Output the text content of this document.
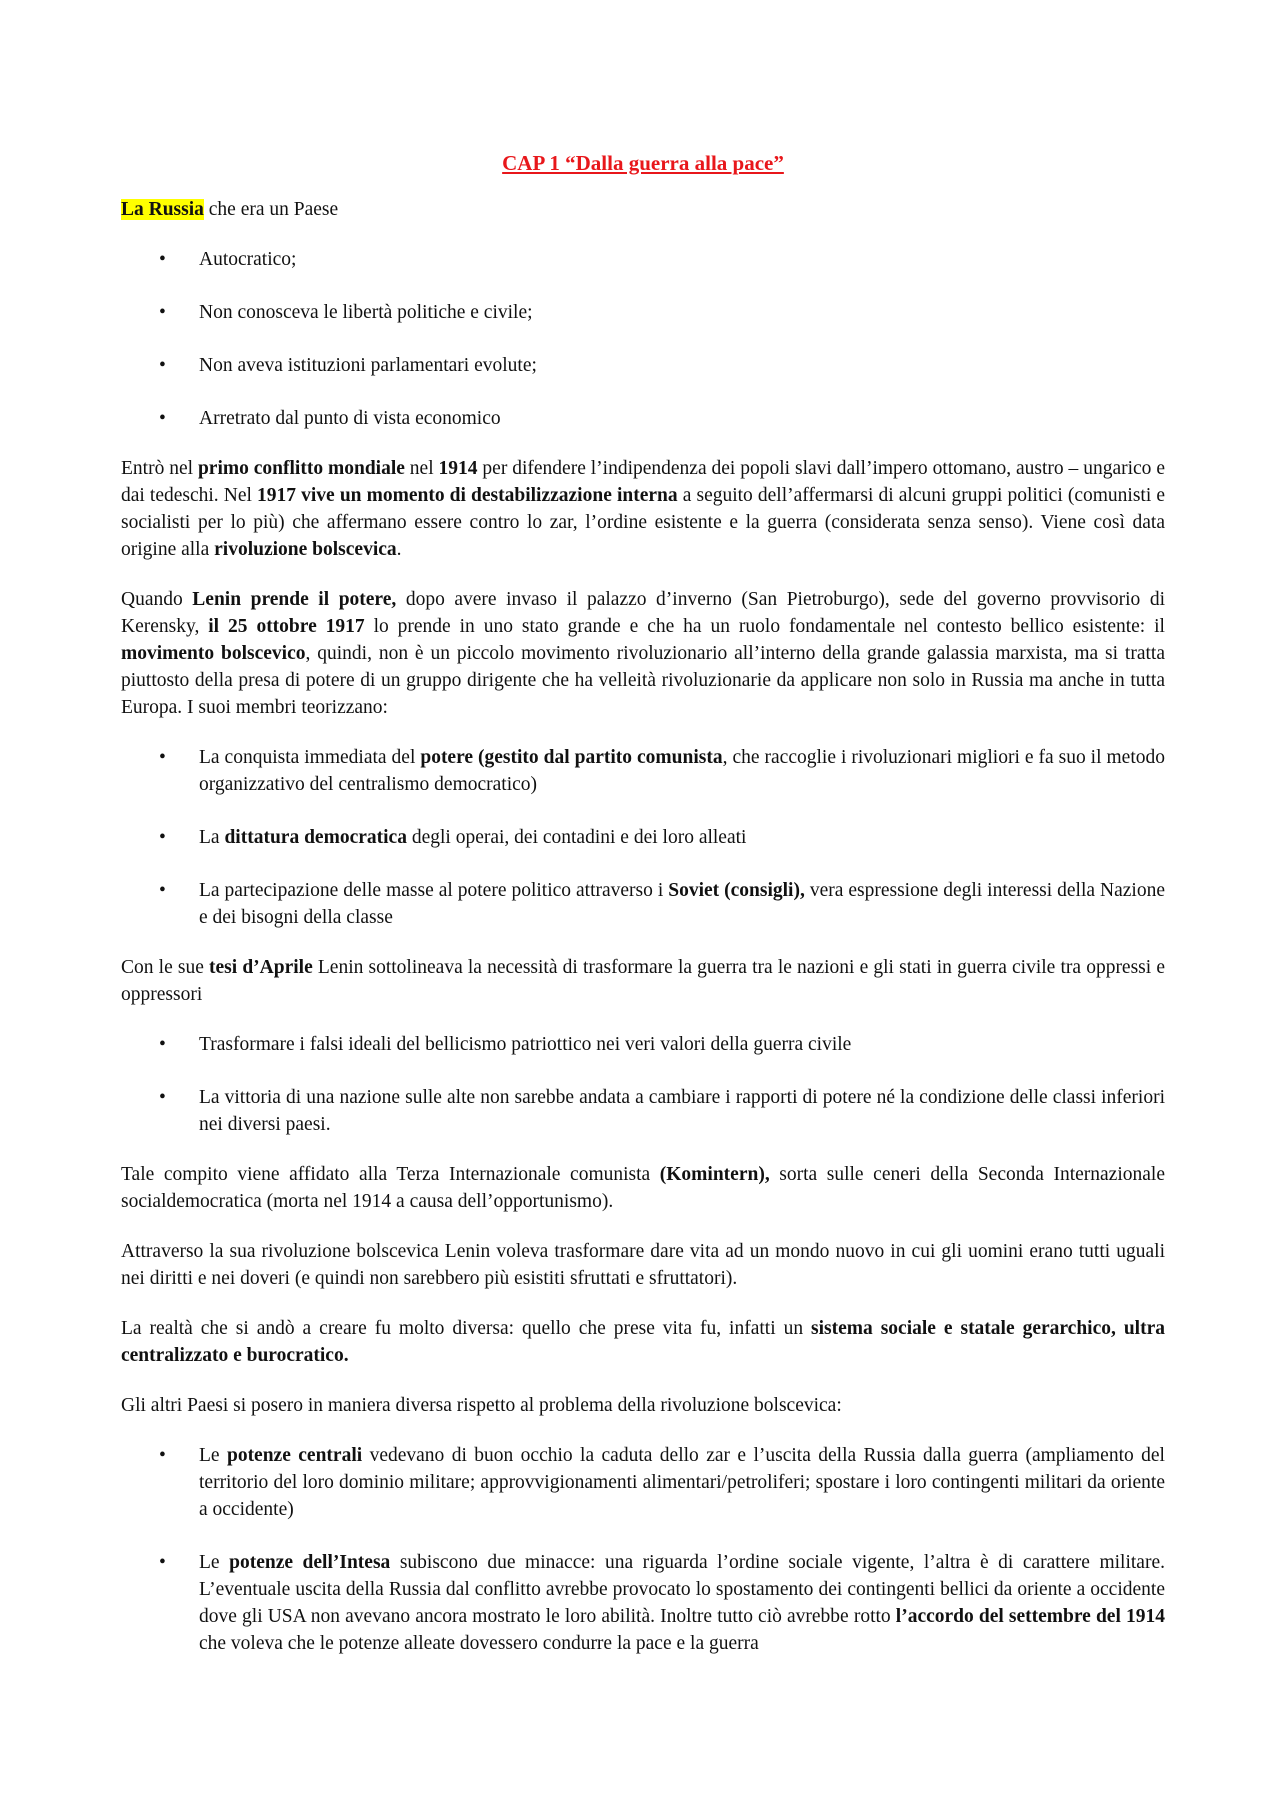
CAP 1 “Dalla guerra alla pace”

La Russia che era un Paese

• Autocratico;
• Non conosceva le libertà politiche e civile;
• Non aveva istituzioni parlamentari evolute;
• Arretrato dal punto di vista economico

Entrò nel primo conflitto mondiale nel 1914 per difendere l’indipendenza dei popoli slavi dall’impero ottomano, austro – ungarico e dai tedeschi. Nel 1917 vive un momento di destabilizzazione interna a seguito dell’affermarsi di alcuni gruppi politici (comunisti e socialisti per lo più) che affermano essere contro lo zar, l’ordine esistente e la guerra (considerata senza senso). Viene così data origine alla rivoluzione bolscevica.

Quando Lenin prende il potere, dopo avere invaso il palazzo d’inverno (San Pietroburgo), sede del governo provvisorio di Kerensky, il 25 ottobre 1917 lo prende in uno stato grande e che ha un ruolo fondamentale nel contesto bellico esistente: il movimento bolscevico, quindi, non è un piccolo movimento rivoluzionario all’interno della grande galassia marxista, ma si tratta piuttosto della presa di potere di un gruppo dirigente che ha velleità rivoluzionarie da applicare non solo in Russia ma anche in tutta Europa. I suoi membri teorizzano:

• La conquista immediata del potere (gestito dal partito comunista, che raccoglie i rivoluzionari migliori e fa suo il metodo organizzativo del centralismo democratico)
• La dittatura democratica degli operai, dei contadini e dei loro alleati
• La partecipazione delle masse al potere politico attraverso i Soviet (consigli), vera espressione degli interessi della Nazione e dei bisogni della classe

Con le sue tesi d’Aprile Lenin sottolineava la necessità di trasformare la guerra tra le nazioni e gli stati in guerra civile tra oppressi e oppressori

• Trasformare i falsi ideali del bellicismo patriottico nei veri valori della guerra civile
• La vittoria di una nazione sulle alte non sarebbe andata a cambiare i rapporti di potere né la condizione delle classi inferiori nei diversi paesi.

Tale compito viene affidato alla Terza Internazionale comunista (Komintern), sorta sulle ceneri della Seconda Internazionale socialdemocratica (morta nel 1914 a causa dell’opportunismo).

Attraverso la sua rivoluzione bolscevica Lenin voleva trasformare dare vita ad un mondo nuovo in cui gli uomini erano tutti uguali nei diritti e nei doveri (e quindi non sarebbero più esistiti sfruttati e sfruttatori).

La realtà che si andò a creare fu molto diversa: quello che prese vita fu, infatti un sistema sociale e statale gerarchico, ultra centralizzato e burocratico.

Gli altri Paesi si posero in maniera diversa rispetto al problema della rivoluzione bolscevica:

• Le potenze centrali vedevano di buon occhio la caduta dello zar e l’uscita della Russia dalla guerra (ampliamento del territorio del loro dominio militare; approvvigionamenti alimentari/petroliferi; spostare i loro contingenti militari da oriente a occidente)
• Le potenze dell’Intesa subiscono due minacce: una riguarda l’ordine sociale vigente, l’altra è di carattere militare. L’eventuale uscita della Russia dal conflitto avrebbe provocato lo spostamento dei contingenti bellici da oriente a occidente dove gli USA non avevano ancora mostrato le loro abilità. Inoltre tutto ciò avrebbe rotto l’accordo del settembre del 1914 che voleva che le potenze alleate dovessero condurre la pace e la guerra
